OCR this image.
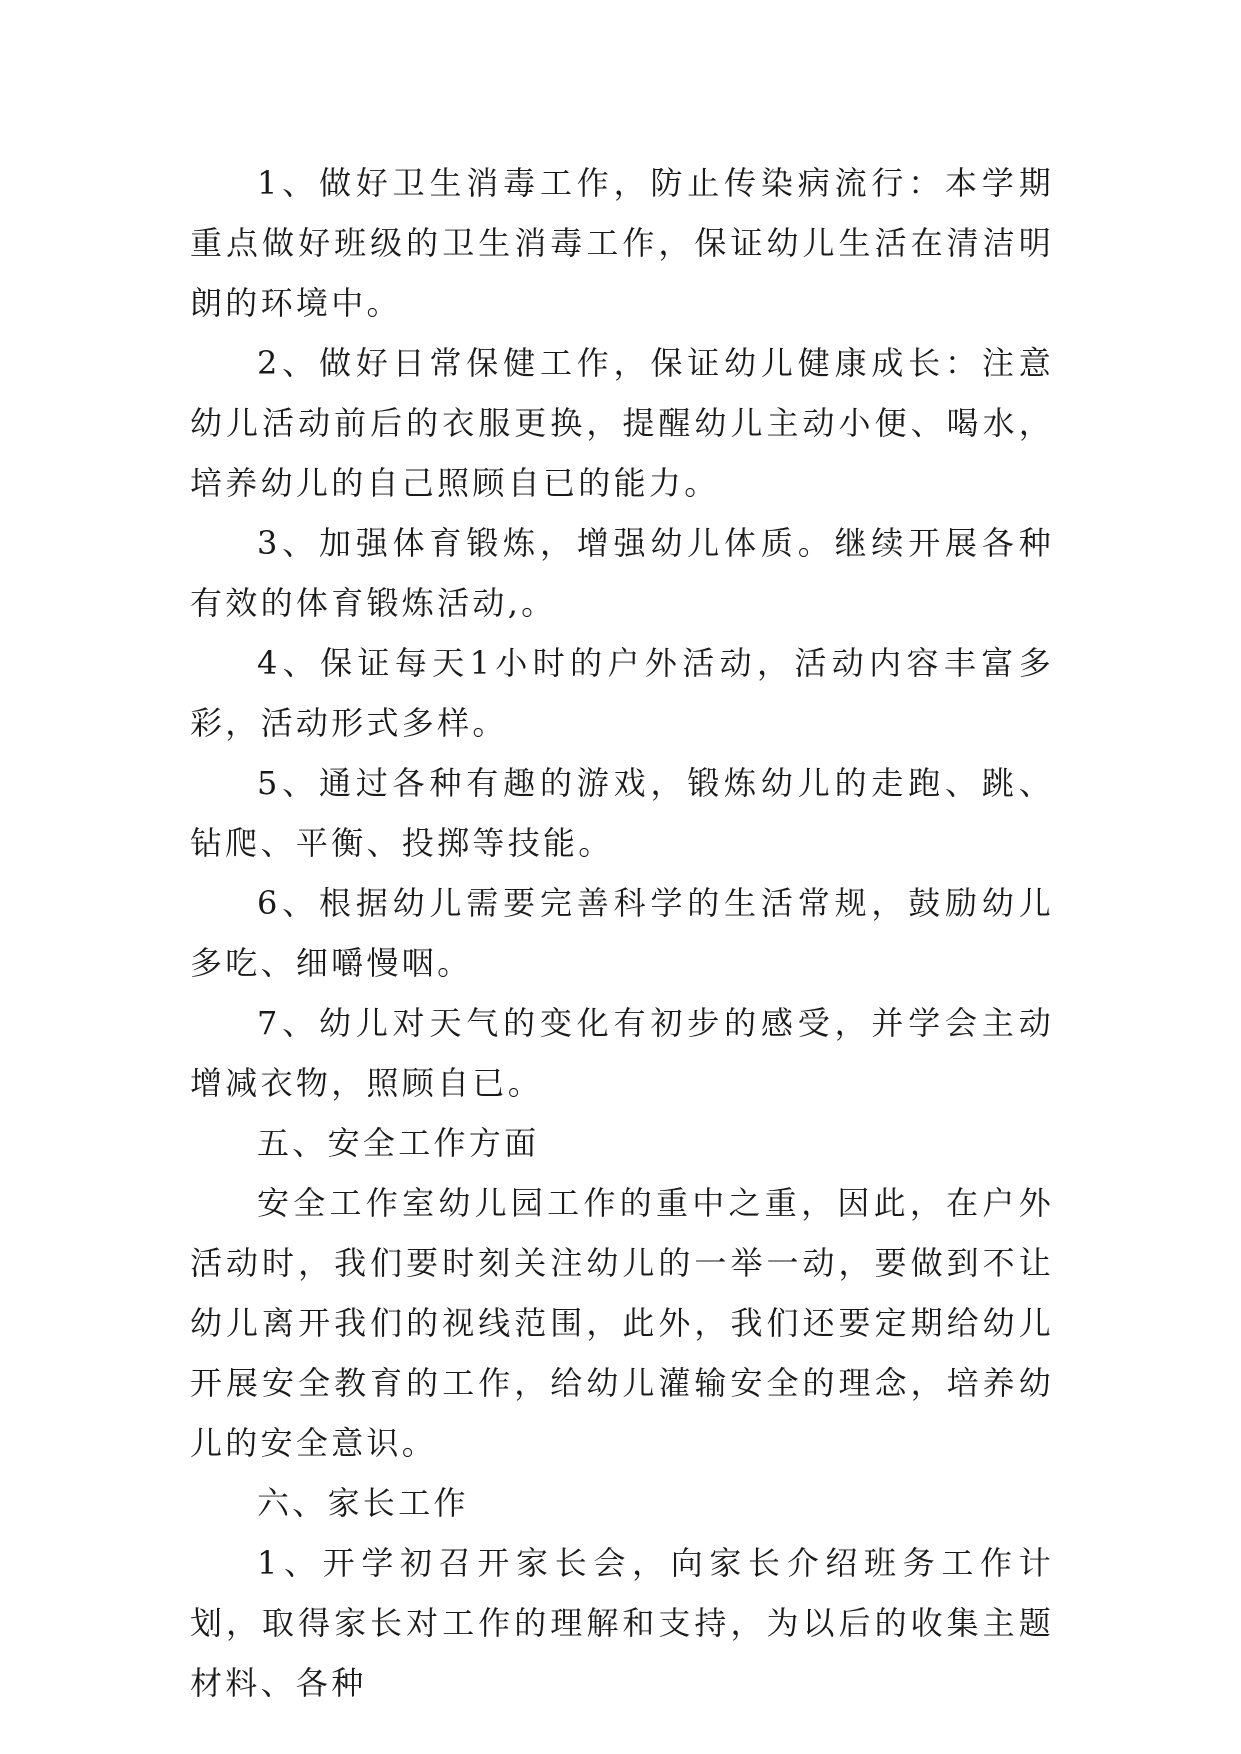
1、做好卫生消毒工作，防止传染病流行：本学期重点做好班级的卫生消毒工作，保证幼儿生活在清洁明朗的环境中。

2、做好日常保健工作，保证幼儿健康成长：注意幼儿活动前后的衣服更换，提醒幼儿主动小便、喝水，培养幼儿的自己照顾自已的能力。

3、加强体育锻炼，增强幼儿体质。继续开展各种有效的体育锻炼活动,。

4、保证每天1小时的户外活动，活动内容丰富多彩，活动形式多样。

5、通过各种有趣的游戏，锻炼幼儿的走跑、跳、钻爬、平衡、投掷等技能。

6、根据幼儿需要完善科学的生活常规，鼓励幼儿多吃、细嚼慢咽。

7、幼儿对天气的变化有初步的感受，并学会主动增减衣物，照顾自已。

五、安全工作方面

安全工作室幼儿园工作的重中之重，因此，在户外活动时，我们要时刻关注幼儿的一举一动，要做到不让幼儿离开我们的视线范围，此外，我们还要定期给幼儿开展安全教育的工作，给幼儿灌输安全的理念，培养幼儿的安全意识。

六、家长工作

1、开学初召开家长会，向家长介绍班务工作计划，取得家长对工作的理解和支持，为以后的收集主题材料、各种
